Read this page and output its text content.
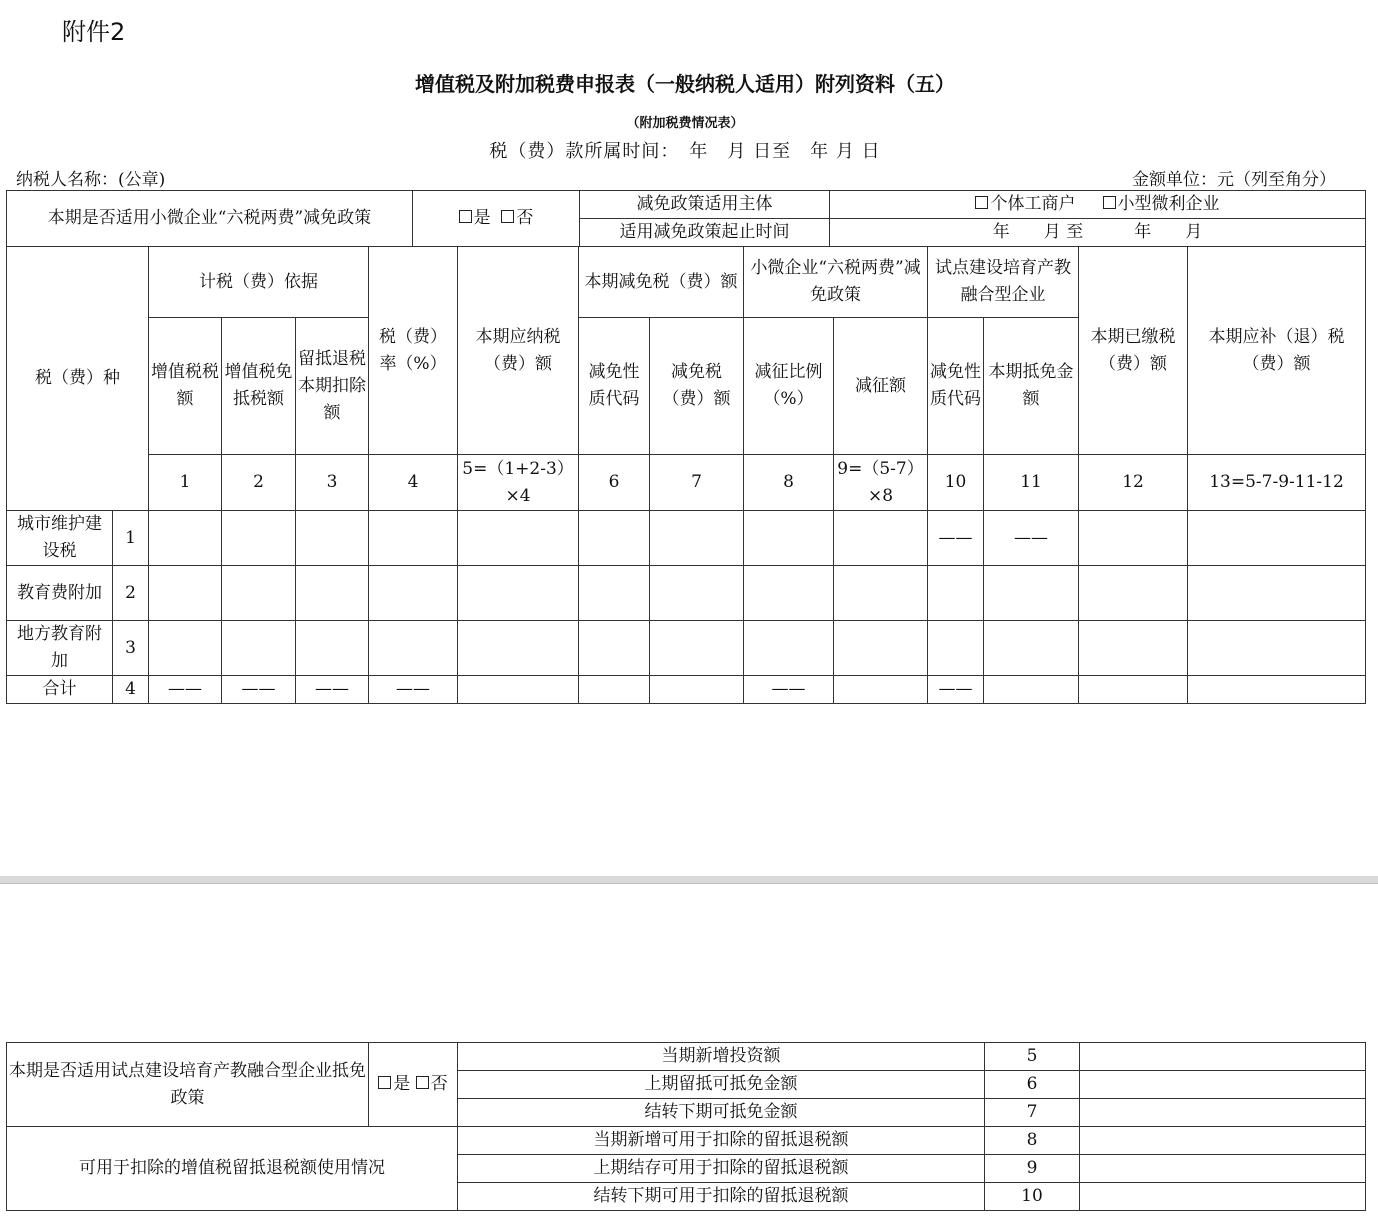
附件2
增值税及附加税费申报表（一般纳税人适用）附列资料（五）
（附加税费情况表）
税（费）款所属时间：　年　月 日至　年 月 日
纳税人名称：(公章)	金额单位：元（列至角分）
本期是否适用小微企业“六税两费”减免政策	是 否	减免政策适用主体	个体工商户 小型微利企业
		适用减免政策起止时间	年　　月 至　　　年　　月
税（费）种		计税（费）依据			税（费）率（%）	本期应纳税（费）额	本期减免税（费）额		小微企业“六税两费”减免政策		试点建设培育产教融合型企业		本期已缴税（费）额	本期应补（退）税（费）额
		增值税税额	增值税免抵税额	留抵退税本期扣除额			减免性质代码	减免税（费）额	减征比例（%）	减征额	减免性质代码	本期抵免金额		
		1	2	3	4	5=（1+2-3）×4	6	7	8	9=（5-7）×8	10	11	12	13=5-7-9-11-12
城市维护建设税	1										——	——		
教育费附加	2													
地方教育附加	3													
合计	4	——	——	——	——				——		——			
本期是否适用试点建设培育产教融合型企业抵免政策	是 否	当期新增投资额	5	
		上期留抵可抵免金额	6	
		结转下期可抵免金额	7	
可用于扣除的增值税留抵退税额使用情况		当期新增可用于扣除的留抵退税额	8	
		上期结存可用于扣除的留抵退税额	9	
		结转下期可用于扣除的留抵退税额	10	
